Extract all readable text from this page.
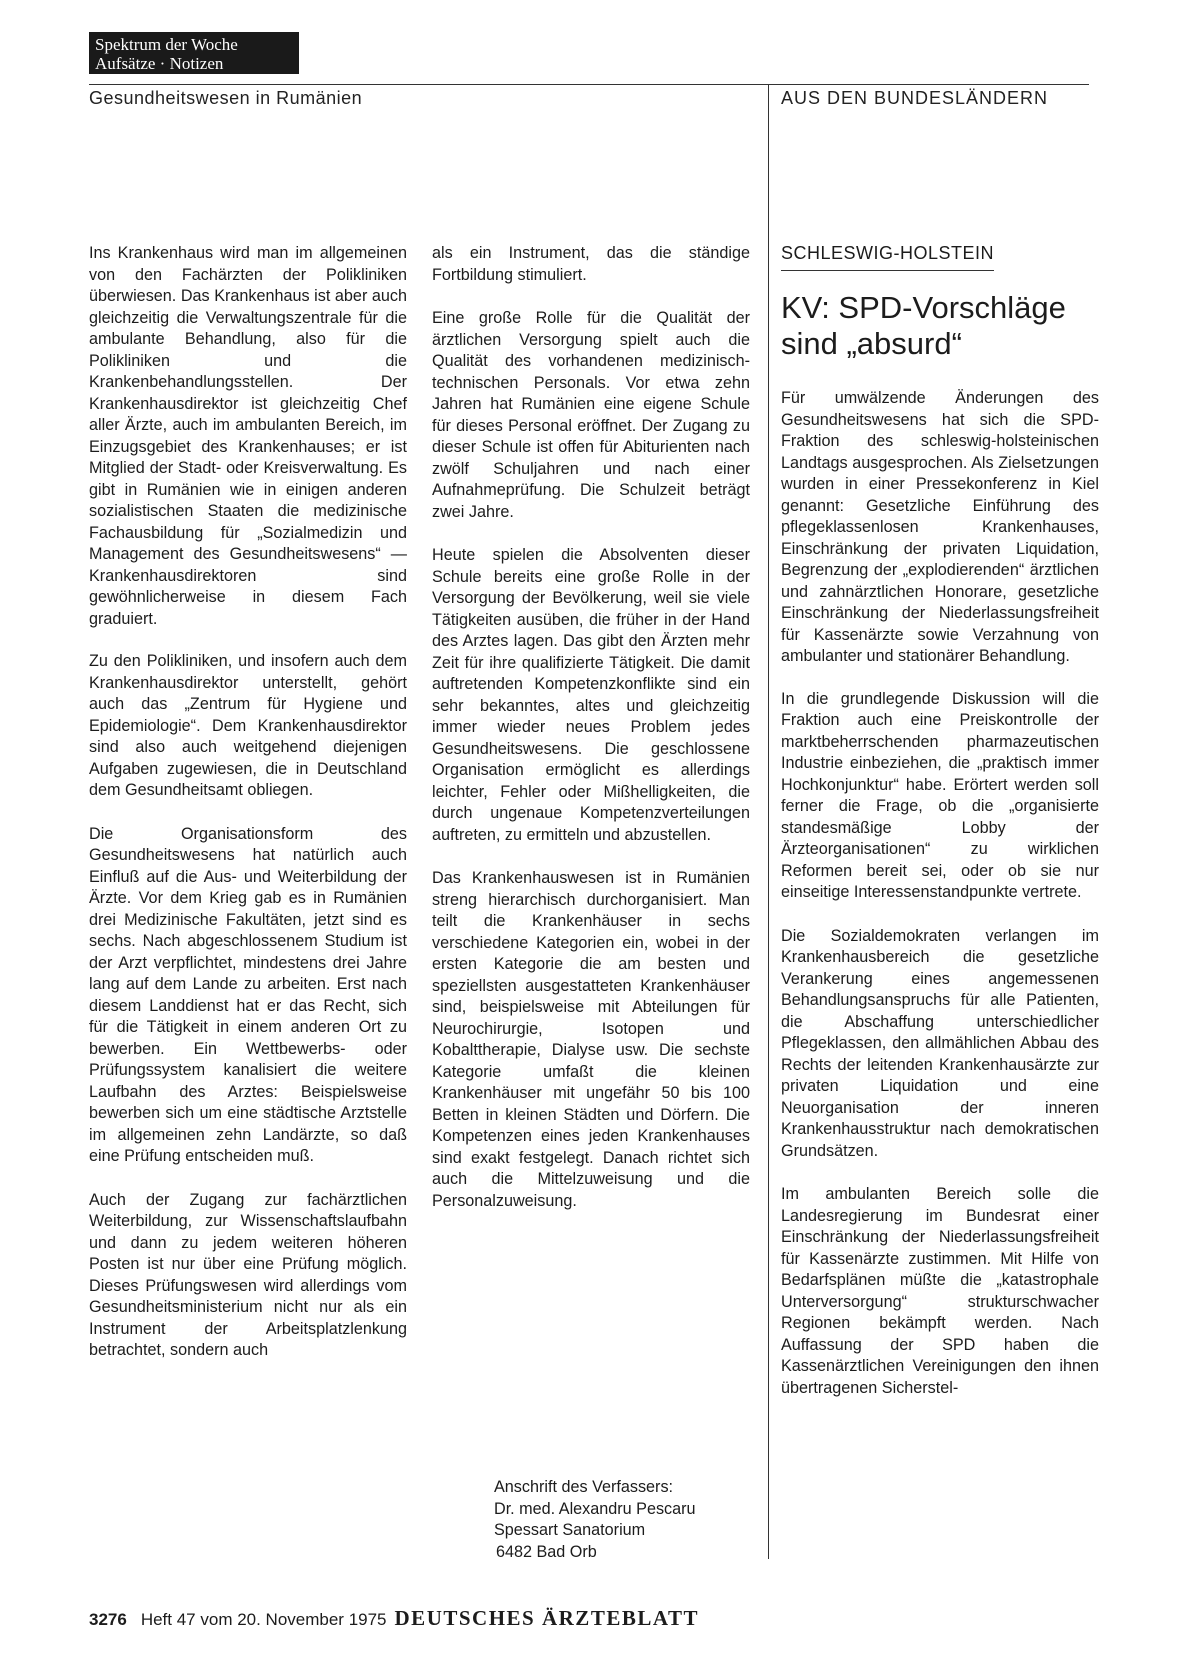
Spektrum der Woche
Aufsätze · Notizen
Gesundheitswesen in Rumänien	AUS DEN BUNDESLÄNDERN

Ins Krankenhaus wird man im allgemeinen von den Fachärzten der Polikliniken überwiesen. Das Krankenhaus ist aber auch gleichzeitig die Verwaltungszentrale für die ambulante Behandlung, also für die Polikliniken und die Krankenbehandlungsstellen. Der Krankenhausdirektor ist gleichzeitig Chef aller Ärzte, auch im ambulanten Bereich, im Einzugsgebiet des Krankenhauses; er ist Mitglied der Stadt- oder Kreisverwaltung. Es gibt in Rumänien wie in einigen anderen sozialistischen Staaten die medizinische Fachausbildung für „Sozialmedizin und Management des Gesundheitswesens“ — Krankenhausdirektoren sind gewöhnlicherweise in diesem Fach graduiert.

Zu den Polikliniken, und insofern auch dem Krankenhausdirektor unterstellt, gehört auch das „Zentrum für Hygiene und Epidemiologie“. Dem Krankenhausdirektor sind also auch weitgehend diejenigen Aufgaben zugewiesen, die in Deutschland dem Gesundheitsamt obliegen.

Die Organisationsform des Gesundheitswesens hat natürlich auch Einfluß auf die Aus- und Weiterbildung der Ärzte. Vor dem Krieg gab es in Rumänien drei Medizinische Fakultäten, jetzt sind es sechs. Nach abgeschlossenem Studium ist der Arzt verpflichtet, mindestens drei Jahre lang auf dem Lande zu arbeiten. Erst nach diesem Landdienst hat er das Recht, sich für die Tätigkeit in einem anderen Ort zu bewerben. Ein Wettbewerbs- oder Prüfungssystem kanalisiert die weitere Laufbahn des Arztes: Beispielsweise bewerben sich um eine städtische Arztstelle im allgemeinen zehn Landärzte, so daß eine Prüfung entscheiden muß.

Auch der Zugang zur fachärztlichen Weiterbildung, zur Wissenschaftslaufbahn und dann zu jedem weiteren höheren Posten ist nur über eine Prüfung möglich. Dieses Prüfungswesen wird allerdings vom Gesundheitsministerium nicht nur als ein Instrument der Arbeitsplatzlenkung betrachtet, sondern auch

als ein Instrument, das die ständige Fortbildung stimuliert.

Eine große Rolle für die Qualität der ärztlichen Versorgung spielt auch die Qualität des vorhandenen medizinisch-technischen Personals. Vor etwa zehn Jahren hat Rumänien eine eigene Schule für dieses Personal eröffnet. Der Zugang zu dieser Schule ist offen für Abiturienten nach zwölf Schuljahren und nach einer Aufnahmeprüfung. Die Schulzeit beträgt zwei Jahre.

Heute spielen die Absolventen dieser Schule bereits eine große Rolle in der Versorgung der Bevölkerung, weil sie viele Tätigkeiten ausüben, die früher in der Hand des Arztes lagen. Das gibt den Ärzten mehr Zeit für ihre qualifizierte Tätigkeit. Die damit auftretenden Kompetenzkonflikte sind ein sehr bekanntes, altes und gleichzeitig immer wieder neues Problem jedes Gesundheitswesens. Die geschlossene Organisation ermöglicht es allerdings leichter, Fehler oder Mißhelligkeiten, die durch ungenaue Kompetenzverteilungen auftreten, zu ermitteln und abzustellen.

Das Krankenhauswesen ist in Rumänien streng hierarchisch durchorganisiert. Man teilt die Krankenhäuser in sechs verschiedene Kategorien ein, wobei in der ersten Kategorie die am besten und speziellsten ausgestatteten Krankenhäuser sind, beispielsweise mit Abteilungen für Neurochirurgie, Isotopen und Kobalttherapie, Dialyse usw. Die sechste Kategorie umfaßt die kleinen Krankenhäuser mit ungefähr 50 bis 100 Betten in kleinen Städten und Dörfern. Die Kompetenzen eines jeden Krankenhauses sind exakt festgelegt. Danach richtet sich auch die Mittelzuweisung und die Personalzuweisung.

Anschrift des Verfassers:
Dr. med. Alexandru Pescaru
Spessart Sanatorium
6482 Bad Orb
SCHLESWIG-HOLSTEIN
KV: SPD-Vorschläge sind „absurd“

Für umwälzende Änderungen des Gesundheitswesens hat sich die SPD-Fraktion des schleswig-holsteinischen Landtags ausgesprochen. Als Zielsetzungen wurden in einer Pressekonferenz in Kiel genannt: Gesetzliche Einführung des pflegeklassenlosen Krankenhauses, Einschränkung der privaten Liquidation, Begrenzung der „explodierenden“ ärztlichen und zahnärztlichen Honorare, gesetzliche Einschränkung der Niederlassungsfreiheit für Kassenärzte sowie Verzahnung von ambulanter und stationärer Behandlung.

In die grundlegende Diskussion will die Fraktion auch eine Preiskontrolle der marktbeherrschenden pharmazeutischen Industrie einbeziehen, die „praktisch immer Hochkonjunktur“ habe. Erörtert werden soll ferner die Frage, ob die „organisierte standesmäßige Lobby der Ärzteorganisationen“ zu wirklichen Reformen bereit sei, oder ob sie nur einseitige Interessenstandpunkte vertrete.

Die Sozialdemokraten verlangen im Krankenhausbereich die gesetzliche Verankerung eines angemessenen Behandlungsanspruchs für alle Patienten, die Abschaffung unterschiedlicher Pflegeklassen, den allmählichen Abbau des Rechts der leitenden Krankenhausärzte zur privaten Liquidation und eine Neuorganisation der inneren Krankenhausstruktur nach demokratischen Grundsätzen.

Im ambulanten Bereich solle die Landesregierung im Bundesrat einer Einschränkung der Niederlassungsfreiheit für Kassenärzte zustimmen. Mit Hilfe von Bedarfsplänen müßte die „katastrophale Unterversorgung“ strukturschwacher Regionen bekämpft werden. Nach Auffassung der SPD haben die Kassenärztlichen Vereinigungen den ihnen übertragenen Sicherstel-

3276 Heft 47 vom 20. November 1975 DEUTSCHES ÄRZTEBLATT
